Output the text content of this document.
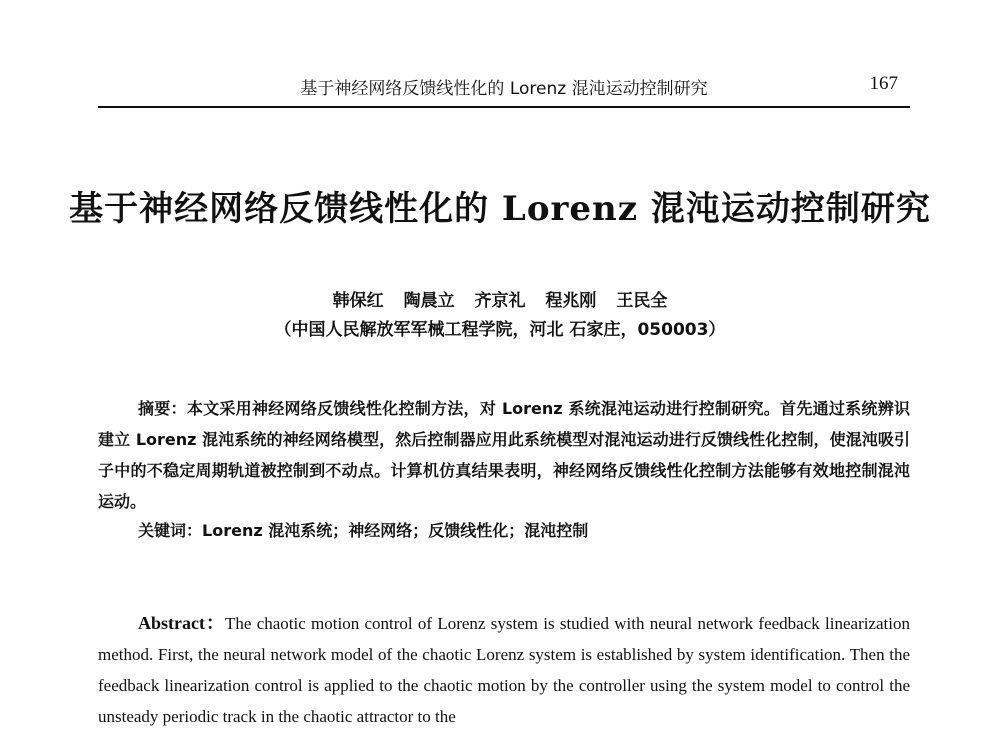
基于神经网络反馈线性化的 Lorenz 混沌运动控制研究	167
基于神经网络反馈线性化的 Lorenz 混沌运动控制研究
韩保红 陶晨立 齐京礼 程兆刚 王民全
（中国人民解放军军械工程学院，河北 石家庄，050003）
摘要：本文采用神经网络反馈线性化控制方法，对 Lorenz 系统混沌运动进行控制研究。首先通过系统辨识建立 Lorenz 混沌系统的神经网络模型，然后控制器应用此系统模型对混沌运动进行反馈线性化控制，使混沌吸引子中的不稳定周期轨道被控制到不动点。计算机仿真结果表明，神经网络反馈线性化控制方法能够有效地控制混沌运动。
关键词：Lorenz 混沌系统；神经网络；反馈线性化；混沌控制
Abstract：The chaotic motion control of Lorenz system is studied with neural network feedback linearization method. First, the neural network model of the chaotic Lorenz system is established by system identification. Then the feedback linearization control is applied to the chaotic motion by the controller using the system model to control the unsteady periodic track in the chaotic attractor to the
